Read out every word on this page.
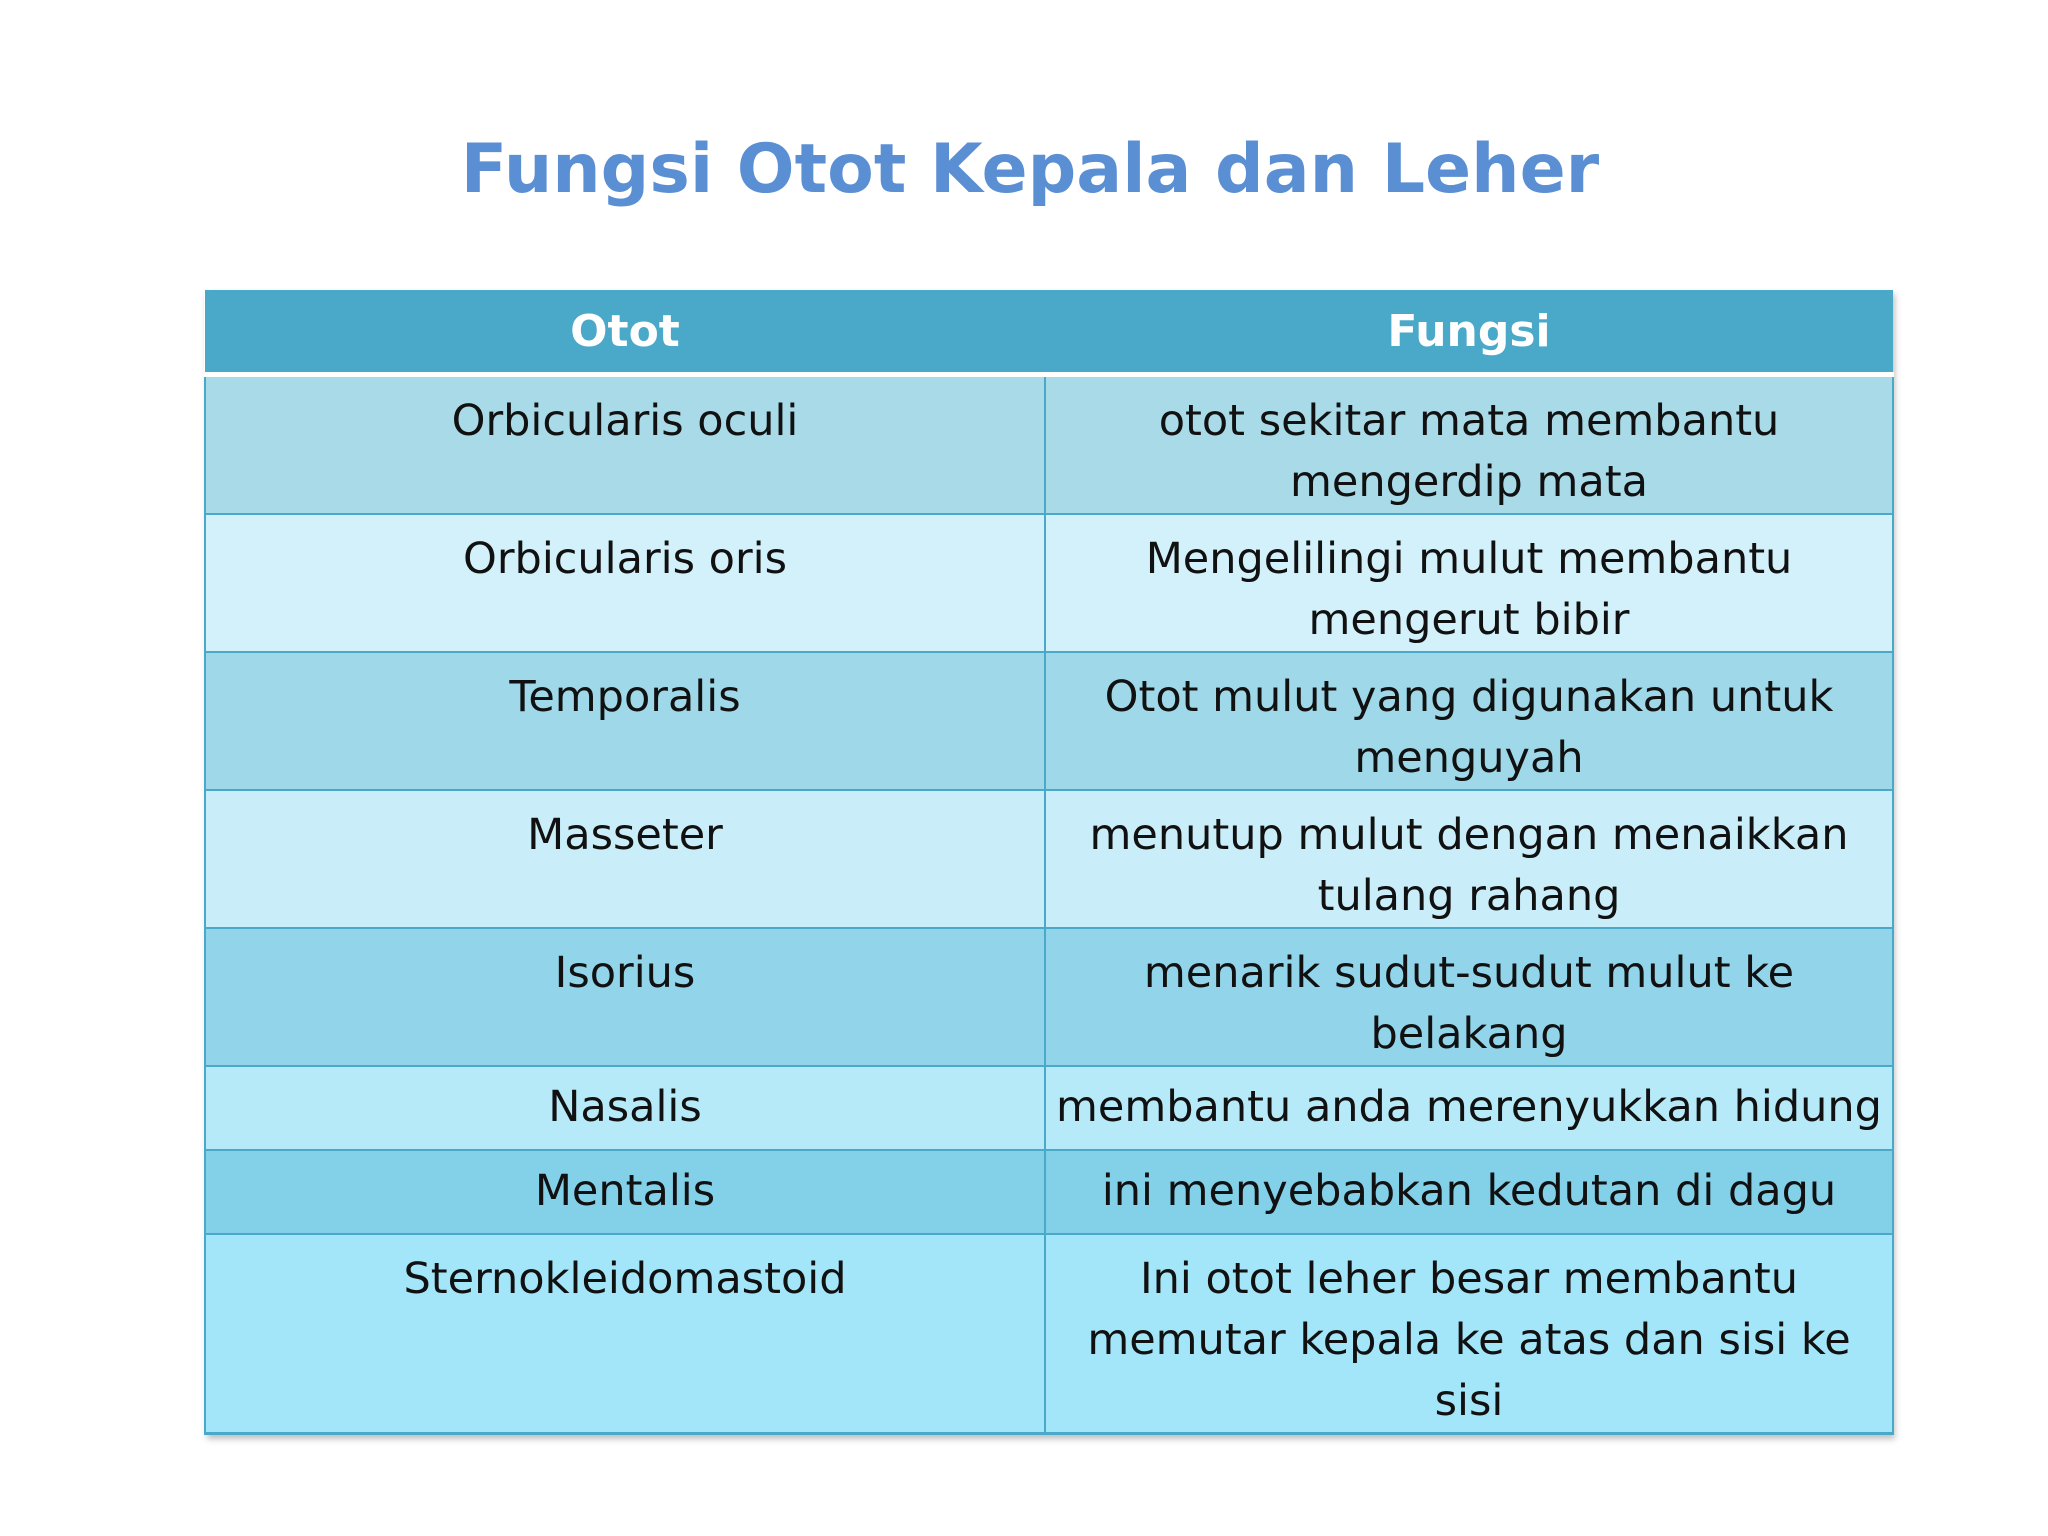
Fungsi Otot Kepala dan Leher
Otot	Fungsi
Orbicularis oculi	otot sekitar mata membantu mengerdip mata
Orbicularis oris	Mengelilingi mulut membantu mengerut bibir
Temporalis	Otot mulut yang digunakan untuk menguyah
Masseter	menutup mulut dengan menaikkan tulang rahang
Isorius	menarik sudut-sudut mulut ke belakang
Nasalis	membantu anda merenyukkan hidung
Mentalis	ini menyebabkan kedutan di dagu
Sternokleidomastoid	Ini otot leher besar membantu memutar kepala ke atas dan sisi ke sisi
